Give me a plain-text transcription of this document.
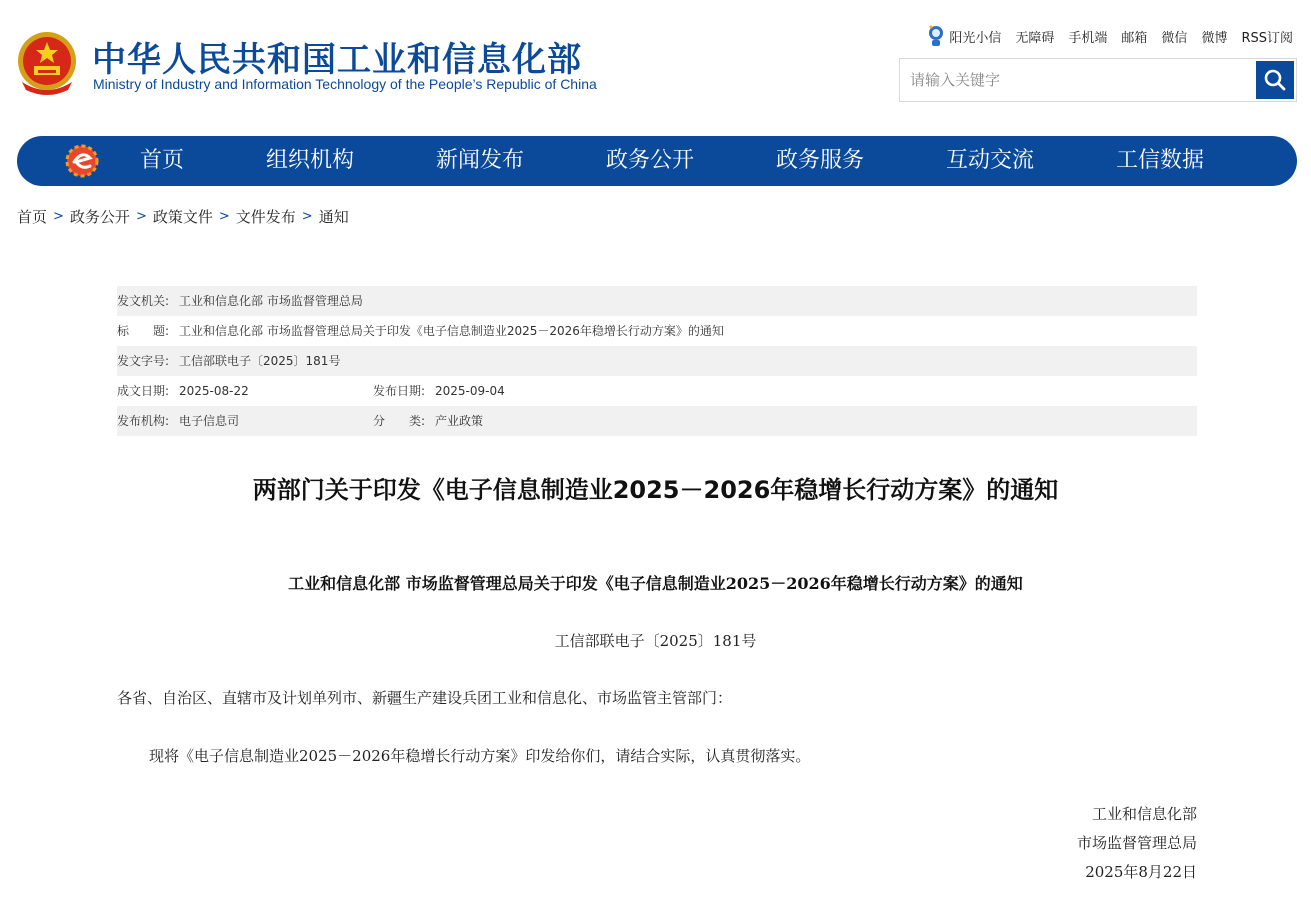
中华人民共和国工业和信息化部
Ministry of Industry and Information Technology of the People’s Republic of China
阳光小信 无障碍 手机端 邮箱 微信 微博 RSS订阅
请输入关键字
首页	组织机构	新闻发布	政务公开	政务服务	互动交流	工信数据
首页 > 政务公开 > 政策文件 > 文件发布 > 通知
发文机关: 工业和信息化部 市场监督管理总局
标　　题: 工业和信息化部 市场监督管理总局关于印发《电子信息制造业2025－2026年稳增长行动方案》的通知
发文字号: 工信部联电子〔2025〕181号
成文日期: 2025-08-22	发布日期: 2025-09-04
发布机构: 电子信息司	分　　类: 产业政策
两部门关于印发《电子信息制造业2025－2026年稳增长行动方案》的通知
工业和信息化部 市场监督管理总局关于印发《电子信息制造业2025－2026年稳增长行动方案》的通知
工信部联电子〔2025〕181号
各省、自治区、直辖市及计划单列市、新疆生产建设兵团工业和信息化、市场监管主管部门：
现将《电子信息制造业2025－2026年稳增长行动方案》印发给你们，请结合实际，认真贯彻落实。
工业和信息化部
市场监督管理总局
2025年8月22日
